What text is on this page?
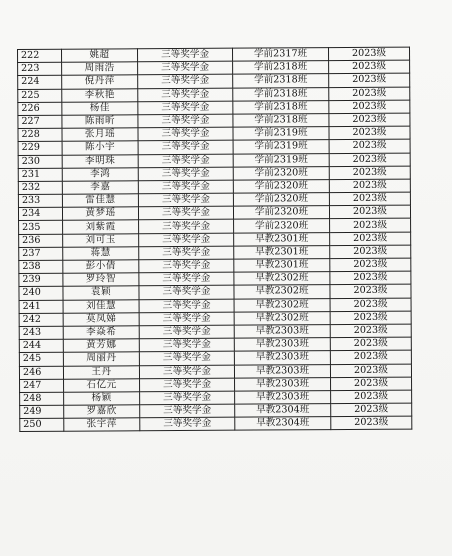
222	姚超	三等奖学金	学前2317班	2023级
223	周雨浩	三等奖学金	学前2318班	2023级
224	倪丹萍	三等奖学金	学前2318班	2023级
225	李秋艳	三等奖学金	学前2318班	2023级
226	杨佳	三等奖学金	学前2318班	2023级
227	陈雨昕	三等奖学金	学前2318班	2023级
228	张月瑶	三等奖学金	学前2319班	2023级
229	陈小宇	三等奖学金	学前2319班	2023级
230	李明珠	三等奖学金	学前2319班	2023级
231	李鸿	三等奖学金	学前2320班	2023级
232	李嘉	三等奖学金	学前2320班	2023级
233	雷佳慧	三等奖学金	学前2320班	2023级
234	黄梦瑶	三等奖学金	学前2320班	2023级
235	刘紫霞	三等奖学金	学前2320班	2023级
236	刘可玉	三等奖学金	早教2301班	2023级
237	蒋慧	三等奖学金	早教2301班	2023级
238	彭小倩	三等奖学金	早教2301班	2023级
239	罗玲智	三等奖学金	早教2302班	2023级
240	袁颖	三等奖学金	早教2302班	2023级
241	刘佳慧	三等奖学金	早教2302班	2023级
242	莫凤娣	三等奖学金	早教2302班	2023级
243	李焱希	三等奖学金	早教2303班	2023级
244	黄芳娜	三等奖学金	早教2303班	2023级
245	周丽丹	三等奖学金	早教2303班	2023级
246	王丹	三等奖学金	早教2303班	2023级
247	石亿元	三等奖学金	早教2303班	2023级
248	杨颖	三等奖学金	早教2303班	2023级
249	罗嘉欣	三等奖学金	早教2304班	2023级
250	张宇萍	三等奖学金	早教2304班	2023级
